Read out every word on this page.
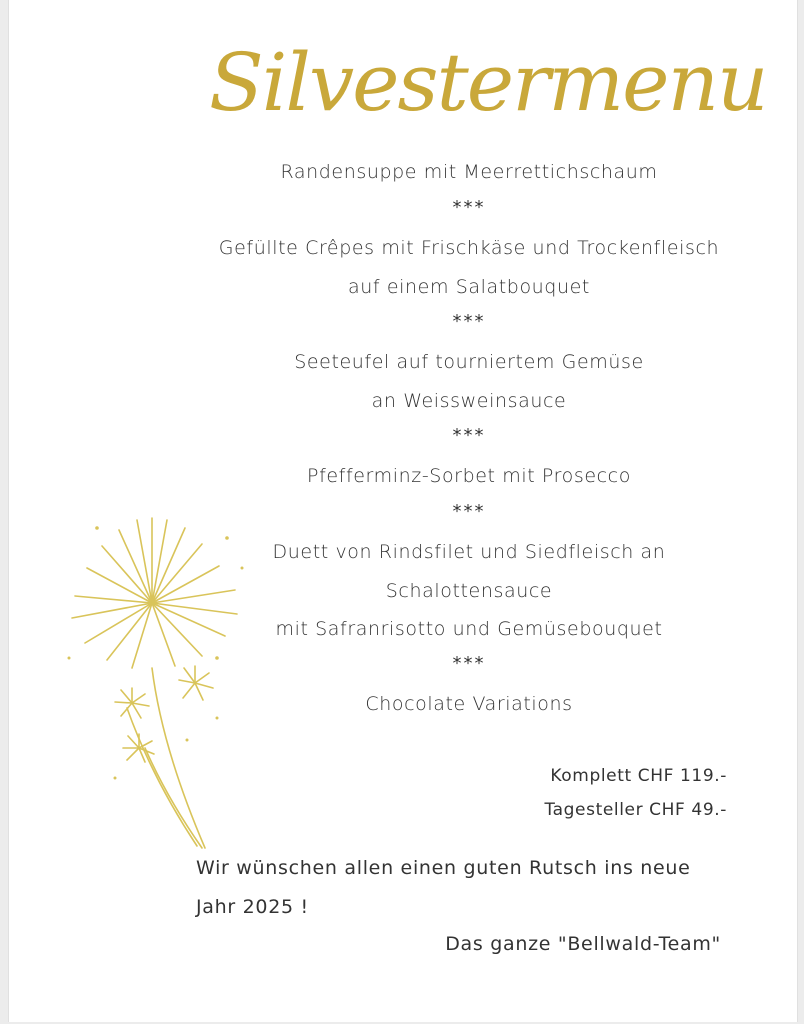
Silvestermenu
Randensuppe mit Meerrettichschaum
***
Gefüllte Crêpes mit Frischkäse und Trockenfleisch
auf einem Salatbouquet
***
Seeteufel auf tourniertem Gemüse
an Weissweinsauce
***
Pfefferminz-Sorbet mit Prosecco
***
Duett von Rindsfilet und Siedfleisch an
Schalottensauce
mit Safranrisotto und Gemüsebouquet
***
Chocolate Variations
Komplett CHF 119.-
Tagesteller CHF 49.-
Wir wünschen allen einen guten Rutsch ins neue
Jahr 2025 !
Das ganze "Bellwald-Team"
